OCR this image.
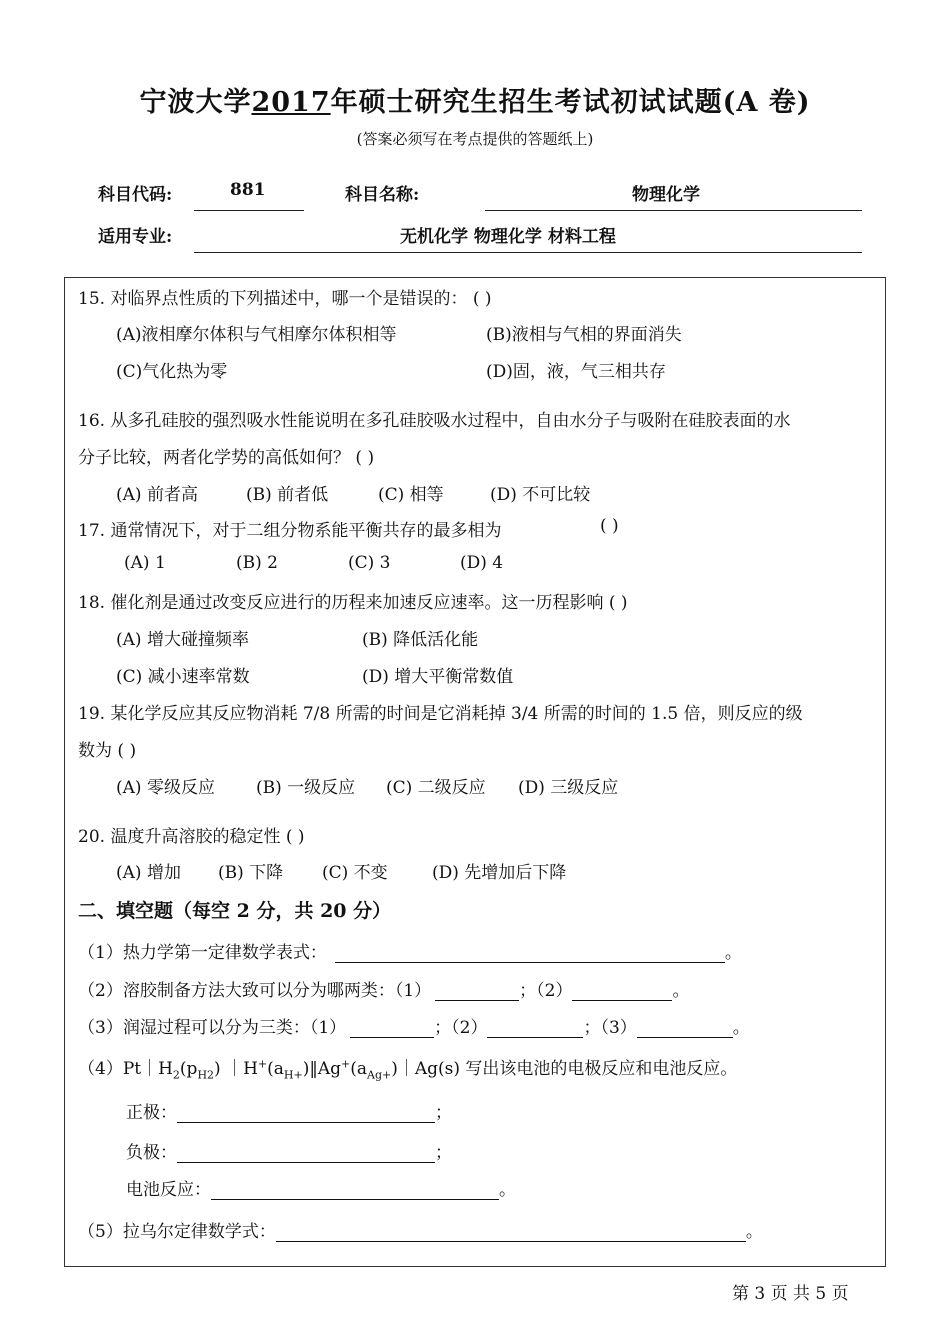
宁波大学2017年硕士研究生招生考试初试试题(A 卷)
(答案必须写在考点提供的答题纸上)
科目代码:	881	科目名称:	物理化学
适用专业:	无机化学 物理化学 材料工程
15. 对临界点性质的下列描述中，哪一个是错误的： ( )
(A)液相摩尔体积与气相摩尔体积相等	(B)液相与气相的界面消失
(C)气化热为零	(D)固，液，气三相共存
16. 从多孔硅胶的强烈吸水性能说明在多孔硅胶吸水过程中，自由水分子与吸附在硅胶表面的水
分子比较，两者化学势的高低如何？ ( )
(A) 前者高	(B) 前者低	(C) 相等	(D) 不可比较
17. 通常情况下，对于二组分物系能平衡共存的最多相为	( )
(A) 1	(B) 2	(C) 3	(D) 4
18. 催化剂是通过改变反应进行的历程来加速反应速率。这一历程影响 ( )
(A) 增大碰撞频率	(B) 降低活化能
(C) 减小速率常数	(D) 增大平衡常数值
19. 某化学反应其反应物消耗 7/8 所需的时间是它消耗掉 3/4 所需的时间的 1.5 倍，则反应的级
数为 ( )
(A) 零级反应 (B) 一级反应 (C) 二级反应 (D) 三级反应
20. 温度升高溶胶的稳定性 ( )
(A) 增加 (B) 下降 (C) 不变	(D) 先增加后下降
二、填空题（每空 2 分，共 20 分）
（1）热力学第一定律数学表式：	。
（2）溶胶制备方法大致可以分为哪两类：（1）	；（2）	。
（3）润湿过程可以分为三类：（1）	；（2）	；（3）	。
$(4)Pt|H_2(p_{H2})$ $|H^+(a_{H+})‖Ag^+(a_{Ag+})|Ag(s)$ 写出该电池的电极反应和电池反应。
正极：	；
负极：	；
电池反应：	。
（5）拉乌尔定律数学式：	。
第 3 页 共 5 页
